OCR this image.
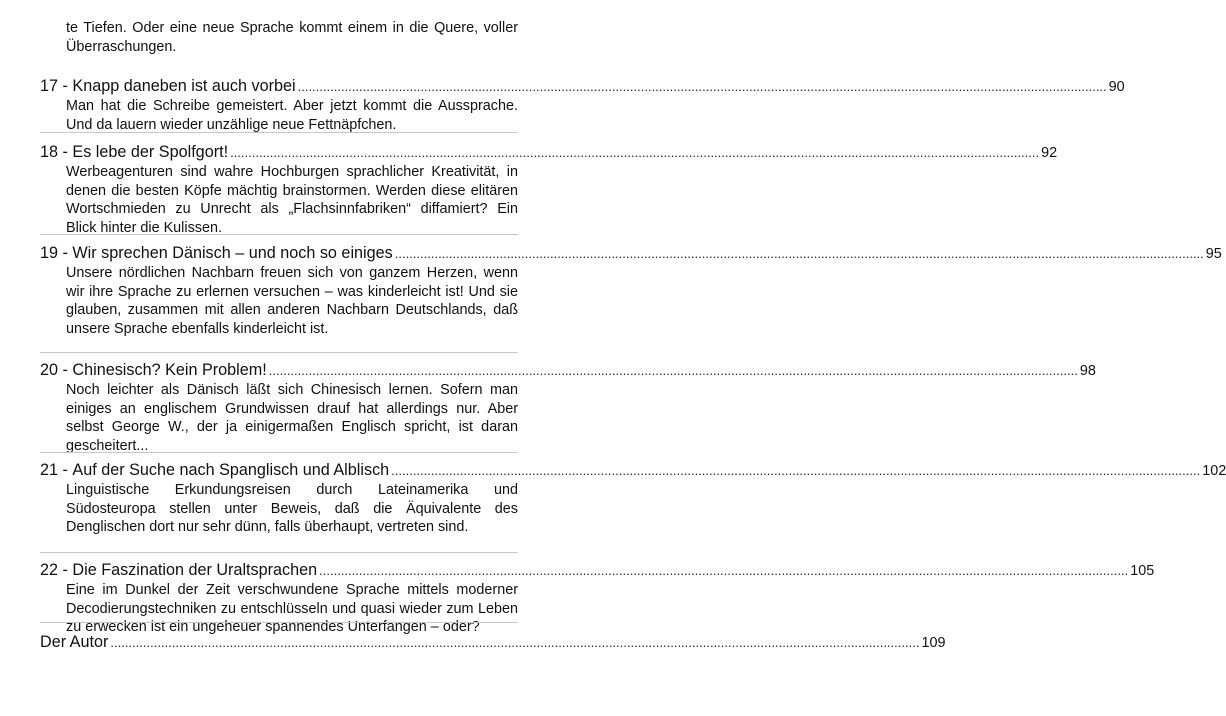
te Tiefen. Oder eine neue Sprache kommt einem in die Quere, voller Überraschungen.
17 - Knapp daneben ist auch vorbei ................................................................................................................................................................................................................................ 90
Man hat die Schreibe gemeistert. Aber jetzt kommt die Aussprache. Und da lauern wieder unzählige neue Fettnäpfchen.
18 - Es lebe der Spolfgort! ................................................................................................................................................................................................................................ 92
Werbeagenturen sind wahre Hochburgen sprachlicher Kreativität, in denen die besten Köpfe mächtig brainstormen. Werden diese elitären Wortschmieden zu Unrecht als „Flachsinnfabriken“ diffamiert? Ein Blick hinter die Kulissen.
19 - Wir sprechen Dänisch – und noch so einiges ................................................................................................................................................................................................................................ 95
Unsere nördlichen Nachbarn freuen sich von ganzem Herzen, wenn wir ihre Sprache zu erlernen versuchen – was kinderleicht ist! Und sie glauben, zusammen mit allen anderen Nachbarn Deutschlands, daß unsere Sprache ebenfalls kinderleicht ist.
20 - Chinesisch? Kein Problem! ................................................................................................................................................................................................................................ 98
Noch leichter als Dänisch läßt sich Chinesisch lernen. Sofern man einiges an englischem Grundwissen drauf hat allerdings nur. Aber selbst George W., der ja einigermaßen Englisch spricht, ist daran gescheitert...
21 - Auf der Suche nach Spanglisch und Alblisch ................................................................................................................................................................................................................................ 102
Linguistische Erkundungsreisen durch Lateinamerika und Südosteuropa stellen unter Beweis, daß die Äquivalente des Denglischen dort nur sehr dünn, falls überhaupt, vertreten sind.
22 - Die Faszination der Uraltsprachen ................................................................................................................................................................................................................................ 105
Eine im Dunkel der Zeit verschwundene Sprache mittels moderner Decodierungstechniken zu entschlüsseln und quasi wieder zum Leben zu erwecken ist ein ungeheuer spannendes Unterfangen – oder?
Der Autor ................................................................................................................................................................................................................................ 109
